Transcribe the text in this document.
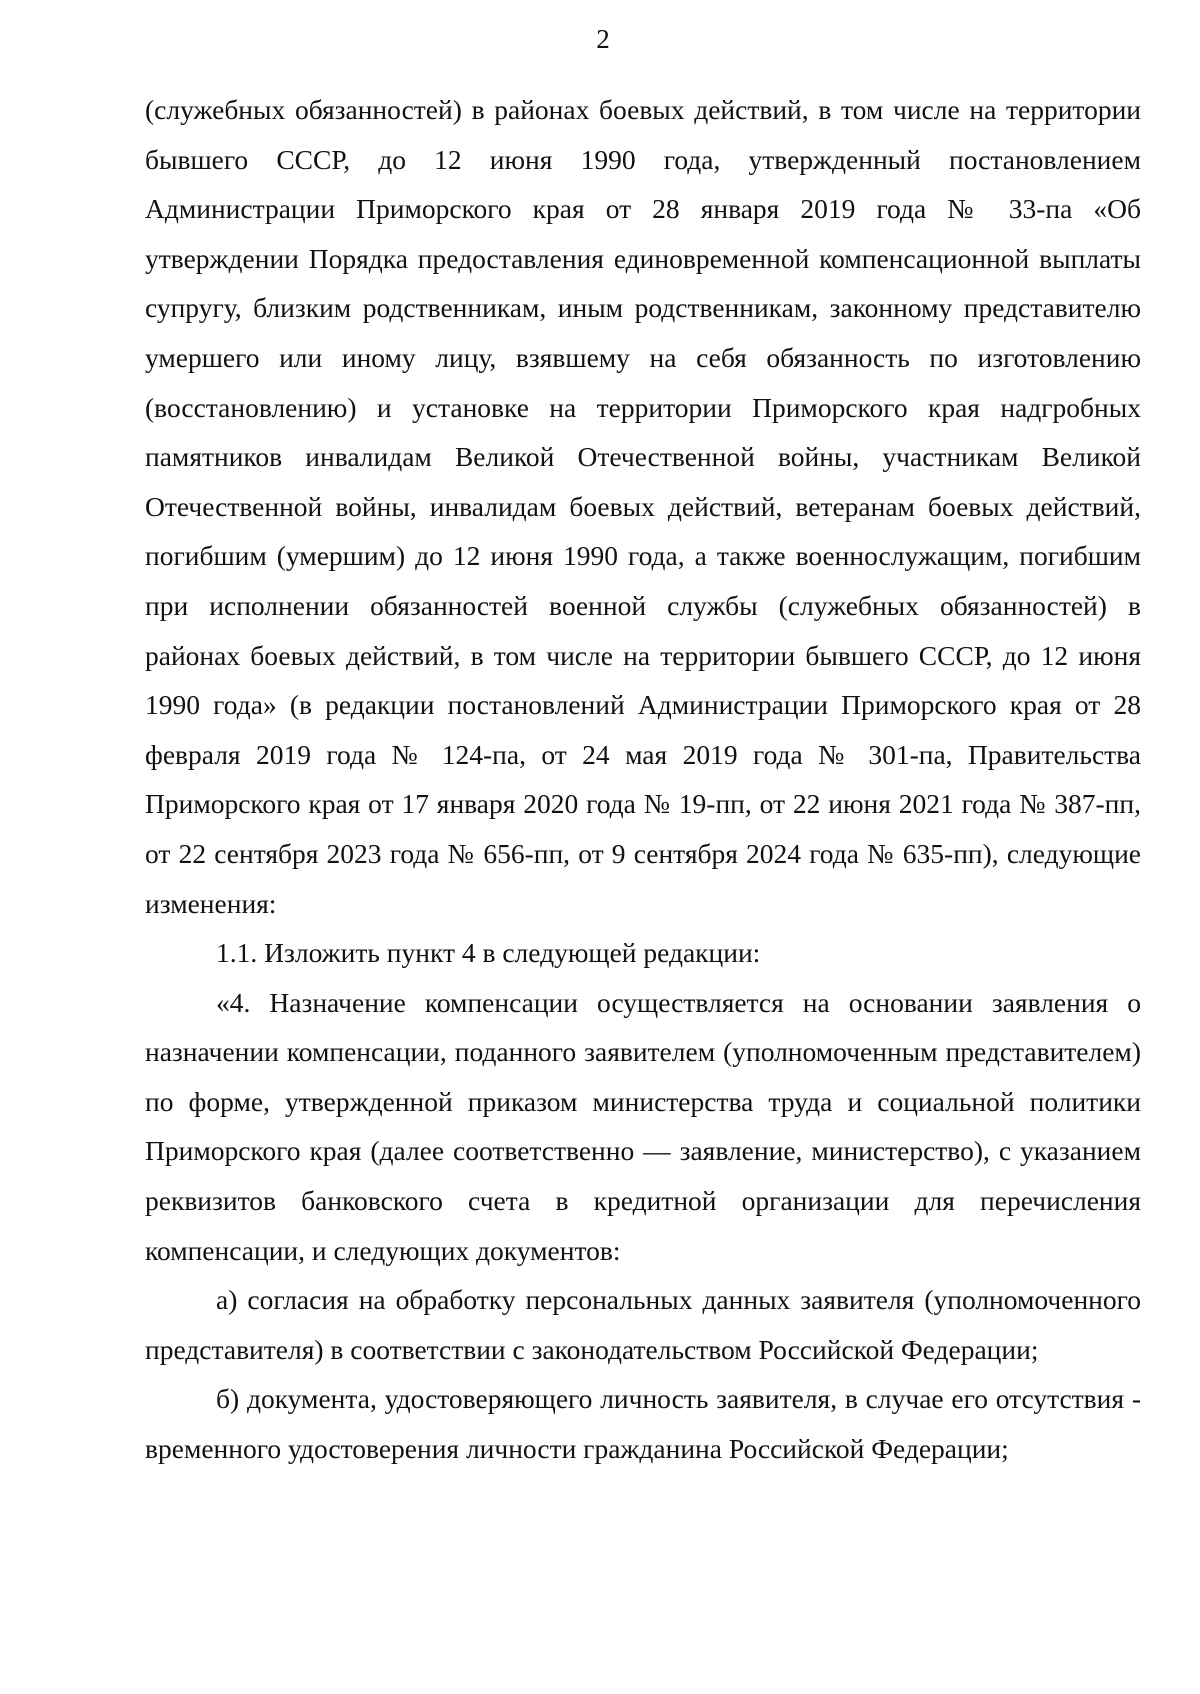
2

(служебных обязанностей) в районах боевых действий, в том числе на территории бывшего СССР, до 12 июня 1990 года, утвержденный постановлением Администрации Приморского края от 28 января 2019 года № 33-па «Об утверждении Порядка предоставления единовременной компенсационной выплаты супругу, близким родственникам, иным родственникам, законному представителю умершего или иному лицу, взявшему на себя обязанность по изготовлению (восстановлению) и установке на территории Приморского края надгробных памятников инвалидам Великой Отечественной войны, участникам Великой Отечественной войны, инвалидам боевых действий, ветеранам боевых действий, погибшим (умершим) до 12 июня 1990 года, а также военнослужащим, погибшим при исполнении обязанностей военной службы (служебных обязанностей) в районах боевых действий, в том числе на территории бывшего СССР, до 12 июня 1990 года» (в редакции постановлений Администрации Приморского края от 28 февраля 2019 года № 124-па, от 24 мая 2019 года № 301-па, Правительства Приморского края от 17 января 2020 года № 19-пп, от 22 июня 2021 года № 387-пп, от 22 сентября 2023 года № 656-пп, от 9 сентября 2024 года № 635-пп), следующие изменения:

1.1. Изложить пункт 4 в следующей редакции:

«4. Назначение компенсации осуществляется на основании заявления о назначении компенсации, поданного заявителем (уполномоченным представителем) по форме, утвержденной приказом министерства труда и социальной политики Приморского края (далее соответственно — заявление, министерство), с указанием реквизитов банковского счета в кредитной организации для перечисления компенсации, и следующих документов:

а) согласия на обработку персональных данных заявителя (уполномоченного представителя) в соответствии с законодательством Российской Федерации;

б) документа, удостоверяющего личность заявителя, в случае его отсутствия - временного удостоверения личности гражданина Российской Федерации;
